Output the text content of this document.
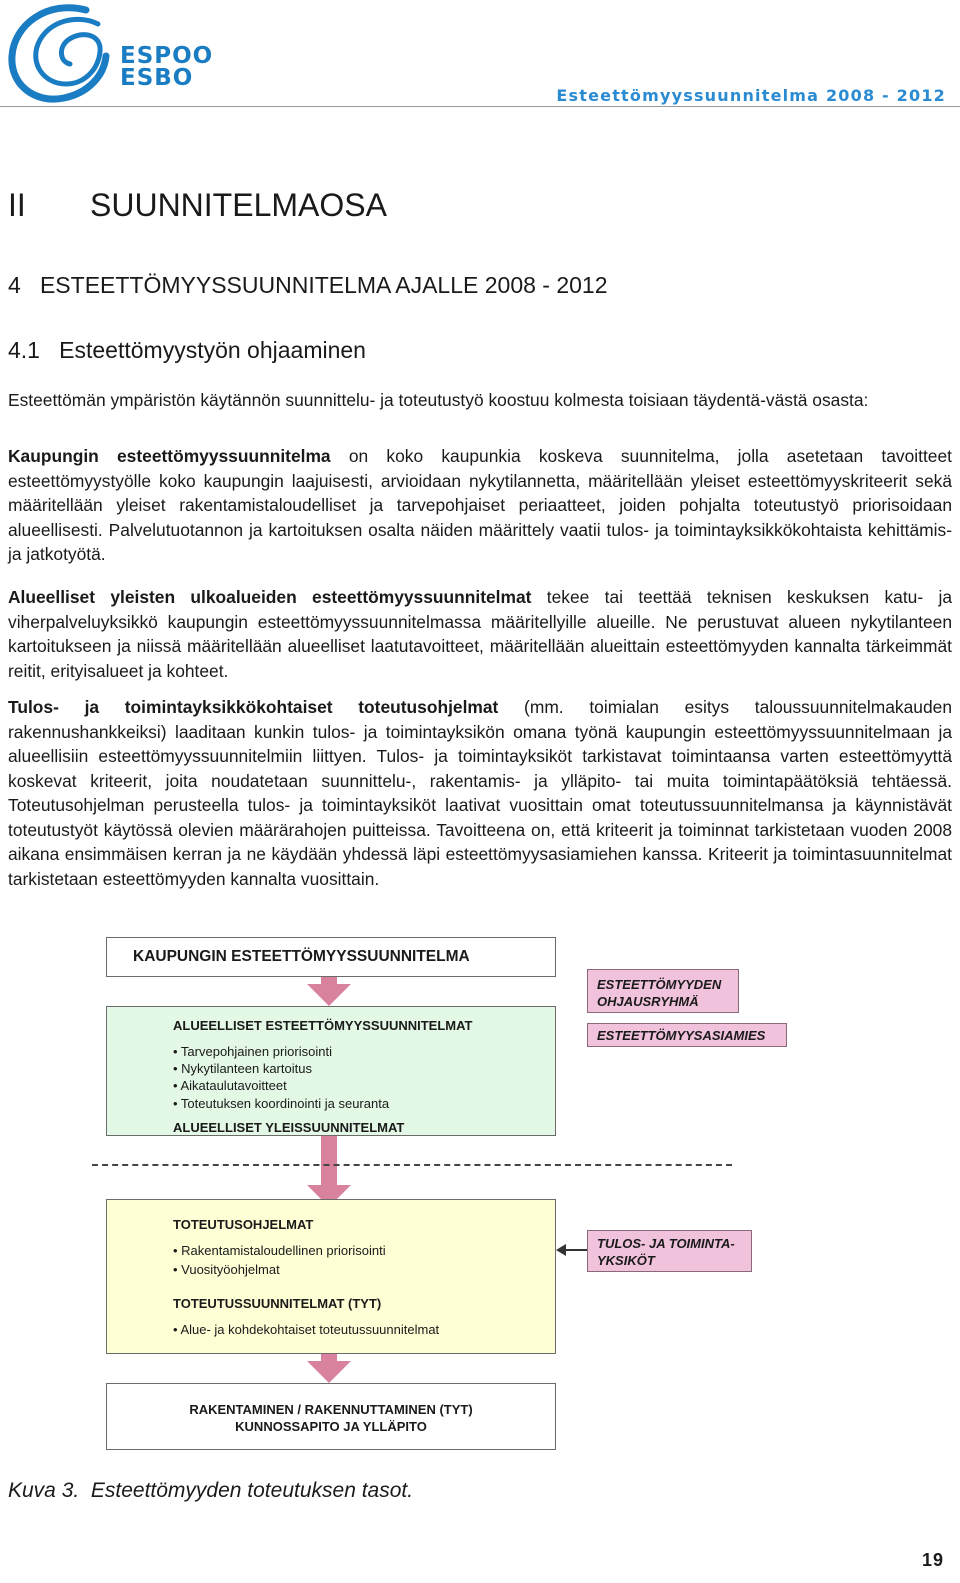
ESPOO
ESBO
Esteettömyyssuunnitelma 2008 - 2012
II SUUNNITELMAOSA
4   ESTEETTÖMYYSSUUNNITELMA AJALLE 2008 - 2012
4.1   Esteettömyystyön ohjaaminen

Esteettömän ympäristön käytännön suunnittelu- ja toteutustyö koostuu kolmesta toisiaan täydentä-västä osasta:

Kaupungin esteettömyyssuunnitelma on koko kaupunkia koskeva suunnitelma, jolla asetetaan tavoitteet esteettömyystyölle koko kaupungin laajuisesti, arvioidaan nykytilannetta, määritellään yleiset esteettömyyskriteerit sekä määritellään yleiset rakentamistaloudelliset ja tarvepohjaiset periaatteet, joiden pohjalta toteutustyö priorisoidaan alueellisesti. Palvelutuotannon ja kartoituksen osalta näiden määrittely vaatii tulos- ja toimintayksikkökohtaista kehittämis- ja jatkotyötä.

Alueelliset yleisten ulkoalueiden esteettömyyssuunnitelmat tekee tai teettää teknisen keskuksen katu- ja viherpalveluyksikkö kaupungin esteettömyyssuunnitelmassa määritellyille alueille. Ne perustuvat alueen nykytilanteen kartoitukseen ja niissä määritellään alueelliset laatutavoitteet, määritellään alueittain esteettömyyden kannalta tärkeimmät reitit, erityisalueet ja kohteet.

Tulos- ja toimintayksikkökohtaiset toteutusohjelmat (mm. toimialan esitys taloussuunnitelmakauden rakennushankkeiksi) laaditaan kunkin tulos- ja toimintayksikön omana työnä kaupungin esteettömyyssuunnitelmaan ja alueellisiin esteettömyyssuunnitelmiin liittyen. Tulos- ja toimintayksiköt tarkistavat toimintaansa varten esteettömyyttä koskevat kriteerit, joita noudatetaan suunnittelu-, rakentamis- ja ylläpito- tai muita toimintapäätöksiä tehtäessä. Toteutusohjelman perusteella tulos- ja toimintayksiköt laativat vuosittain omat toteutussuunnitelmansa ja käynnistävät toteutustyöt käytössä olevien määrärahojen puitteissa. Tavoitteena on, että kriteerit ja toiminnat tarkistetaan vuoden 2008 aikana ensimmäisen kerran ja ne käydään yhdessä läpi esteettömyysasiamiehen kanssa. Kriteerit ja toimintasuunnitelmat tarkistetaan esteettömyyden kannalta vuosittain.

KAUPUNGIN ESTEETTÖMYYSSUUNNITELMA
ALUEELLISET ESTEETTÖMYYSSUUNNITELMAT
• Tarvepohjainen priorisointi
• Nykytilanteen kartoitus
• Aikataulutavoitteet
• Toteutuksen koordinointi ja seuranta
ALUEELLISET YLEISSUUNNITELMAT
ESTEETTÖMYYDEN
OHJAUSRYHMÄ
ESTEETTÖMYYSASIAMIES
TOTEUTUSOHJELMAT
• Rakentamistaloudellinen priorisointi
• Vuosityöohjelmat
TOTEUTUSSUUNNITELMAT (TYT)
• Alue- ja kohdekohtaiset toteutussuunnitelmat
TULOS- JA TOIMINTA-
YKSIKÖT
RAKENTAMINEN / RAKENNUTTAMINEN (TYT)
KUNNOSSAPITO JA YLLÄPITO
Kuva 3.  Esteettömyyden toteutuksen tasot.
19
